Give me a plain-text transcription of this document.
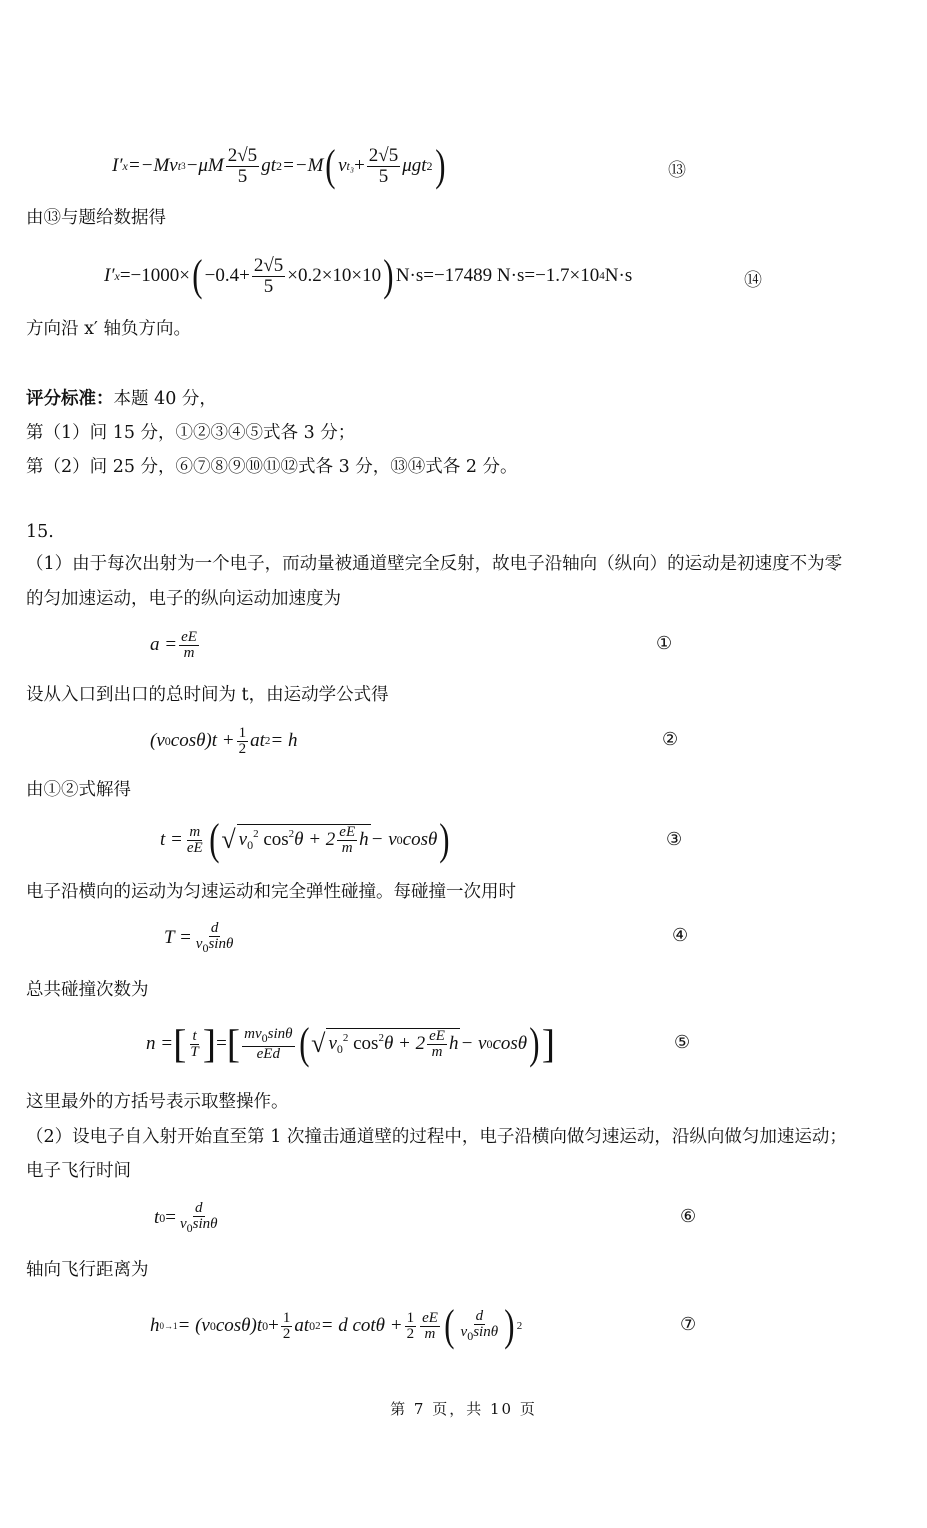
I′ x =−Mv t $3 -\mu M \frac{2√5}{5}$ gt 2 =−M ( v $t_3 + \frac{2√5}{5}$ μgt 2 )	⑬
由⑬与题给数据得
I′ x =−1000× ( $-0.4+ \frac{2√5}{5} \times 0.2\times 10\times 10$ ) N·s=−17489 N·s=−1.7×10 4 N·s	⑭
方向沿 x′ 轴负方向。
评分标准：本题 40 分，
第（1）问 15 分，①②③④⑤式各 3 分；
第（2）问 25 分，⑥⑦⑧⑨⑩⑪⑫式各 3 分，⑬⑭式各 2 分。
15.
（1）由于每次出射为一个电子，而动量被通道壁完全反射，故电子沿轴向（纵向）的运动是初速度不为零
的匀加速运动，电子的纵向运动加速度为
$a = \frac{eE}{m}$	①
设从入口到出口的总时间为 t，由运动学公式得
(v 0 $\cos\theta)t + \frac{1}{2}$ at 2 = h	②
由①②式解得
$t = \frac{m}{eE}$ ( √ $v_0^2$ $\cos^2\theta + 2 \frac{eE}{m}$ h − v 0 cosθ )	③
电子沿横向的运动为匀速运动和完全弹性碰撞。每碰撞一次用时
$T = \frac{d}{v_0\sin\theta}$	④
总共碰撞次数为
n = [ $\frac{t}{T}$ ] = [ $\frac{mv_0\sin\theta}{\text{eEd}}$ ( √ $v_0^2$ $\cos^2\theta + 2 \frac{eE}{m}$ h − v 0 cosθ ) ]	⑤
这里最外的方括号表示取整操作。
（2）设电子自入射开始直至第 1 次撞击通道壁的过程中，电子沿横向做匀速运动，沿纵向做匀加速运动；
电子飞行时间
t $0 = \frac{d}{v_0\sin\theta}$	⑥
轴向飞行距离为
h 0→1 = (v 0 cosθ)t $0 + \frac{1}{2}$ at 0 2 = d $\cot\theta + \frac{1}{2} \frac{eE}{m}$ ( $\frac{d}{v_0\sin\theta}$ ) 2	⑦
第 7 页，共 10 页
